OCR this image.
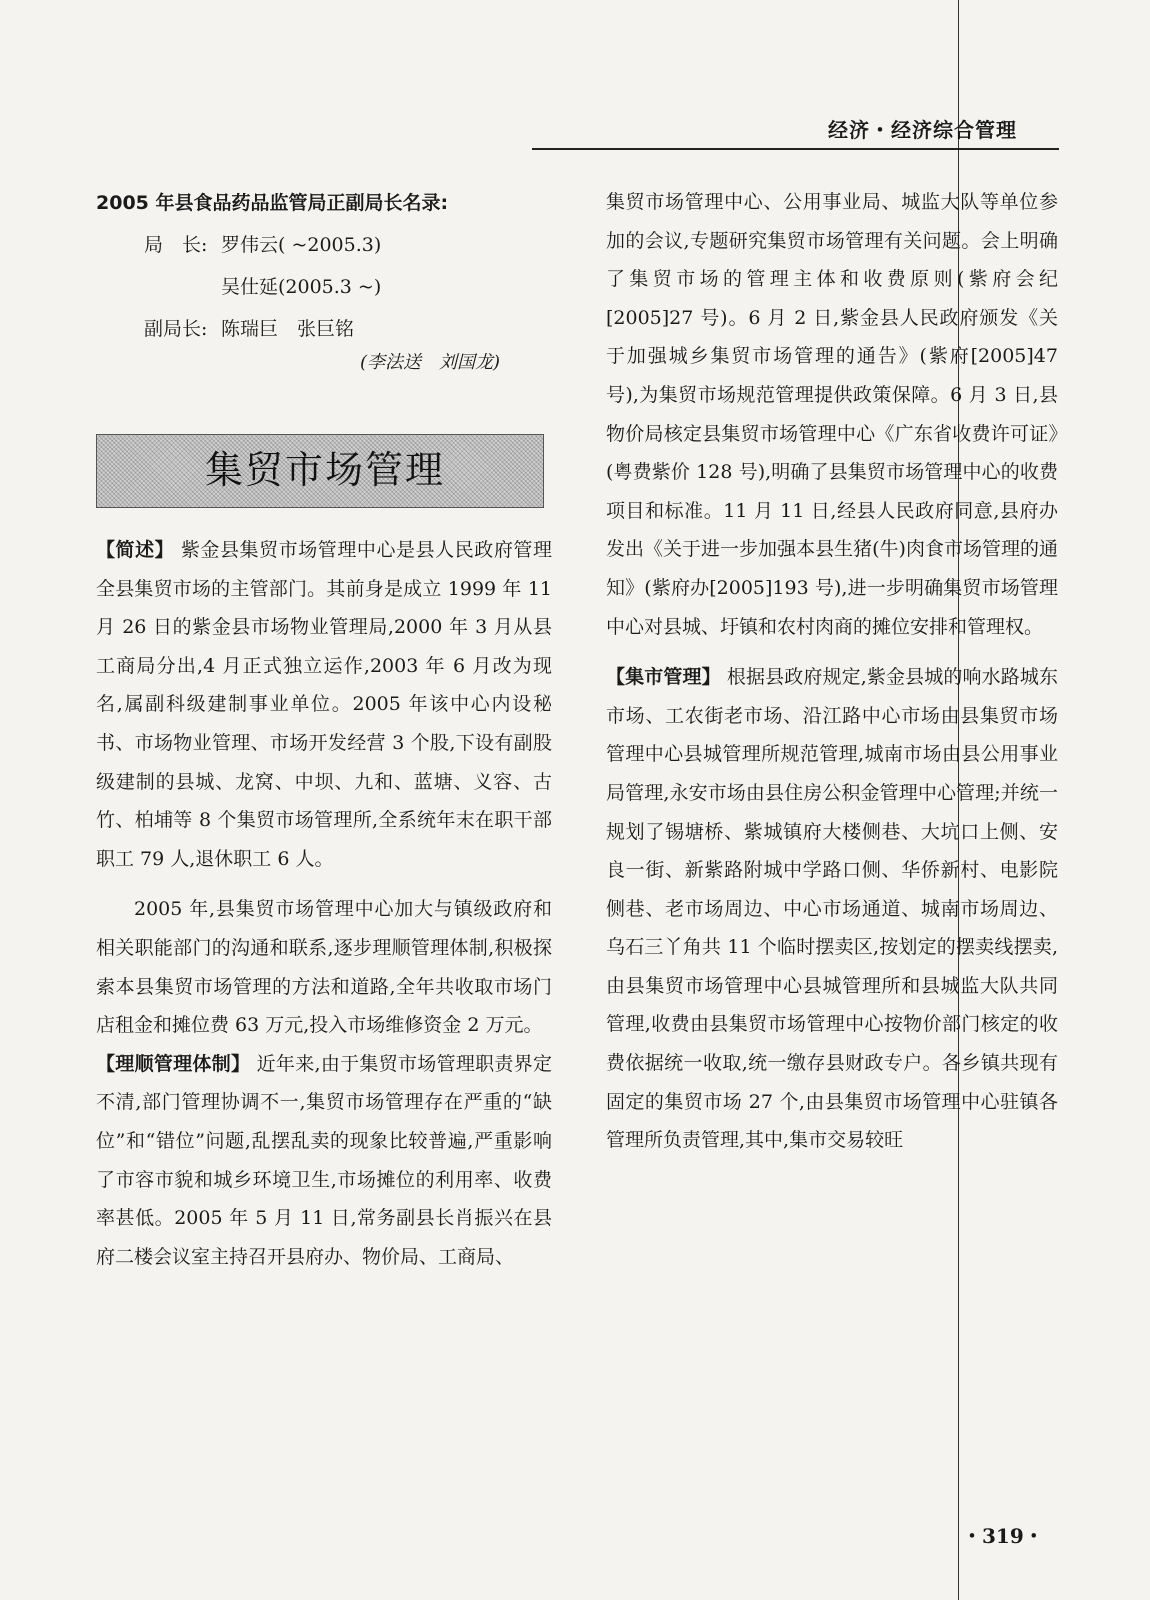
经济・经济综合管理
2005 年县食品药品监管局正副局长名录:
局　长: 罗伟云( ~2005.3)
吴仕延(2005.3 ~)
副局长: 陈瑞巨　张巨铭
(李法送　刘国龙)
集贸市场管理

【简述】 紫金县集贸市场管理中心是县人民政府管理全县集贸市场的主管部门。其前身是成立 1999 年 11 月 26 日的紫金县市场物业管理局,2000 年 3 月从县工商局分出,4 月正式独立运作,2003 年 6 月改为现名,属副科级建制事业单位。2005 年该中心内设秘书、市场物业管理、市场开发经营 3 个股,下设有副股级建制的县城、龙窝、中坝、九和、蓝塘、义容、古竹、柏埔等 8 个集贸市场管理所,全系统年末在职干部职工 79 人,退休职工 6 人。

2005 年,县集贸市场管理中心加大与镇级政府和相关职能部门的沟通和联系,逐步理顺管理体制,积极探索本县集贸市场管理的方法和道路,全年共收取市场门店租金和摊位费 63 万元,投入市场维修资金 2 万元。

【理顺管理体制】 近年来,由于集贸市场管理职责界定不清,部门管理协调不一,集贸市场管理存在严重的“缺位”和“错位”问题,乱摆乱卖的现象比较普遍,严重影响了市容市貌和城乡环境卫生,市场摊位的利用率、收费率甚低。2005 年 5 月 11 日,常务副县长肖振兴在县府二楼会议室主持召开县府办、物价局、工商局、

集贸市场管理中心、公用事业局、城监大队等单位参加的会议,专题研究集贸市场管理有关问题。会上明确了集贸市场的管理主体和收费原则(紫府会纪[2005]27 号)。6 月 2 日,紫金县人民政府颁发《关于加强城乡集贸市场管理的通告》(紫府[2005]47 号),为集贸市场规范管理提供政策保障。6 月 3 日,县物价局核定县集贸市场管理中心《广东省收费许可证》(粤费紫价 128 号),明确了县集贸市场管理中心的收费项目和标准。11 月 11 日,经县人民政府同意,县府办发出《关于进一步加强本县生猪(牛)肉食市场管理的通知》(紫府办[2005]193 号),进一步明确集贸市场管理中心对县城、圩镇和农村肉商的摊位安排和管理权。

【集市管理】 根据县政府规定,紫金县城的响水路城东市场、工农街老市场、沿江路中心市场由县集贸市场管理中心县城管理所规范管理,城南市场由县公用事业局管理,永安市场由县住房公积金管理中心管理;并统一规划了锡塘桥、紫城镇府大楼侧巷、大坑口上侧、安良一街、新紫路附城中学路口侧、华侨新村、电影院侧巷、老市场周边、中心市场通道、城南市场周边、乌石三丫角共 11 个临时摆卖区,按划定的摆卖线摆卖,由县集贸市场管理中心县城管理所和县城监大队共同管理,收费由县集贸市场管理中心按物价部门核定的收费依据统一收取,统一缴存县财政专户。各乡镇共现有固定的集贸市场 27 个,由县集贸市场管理中心驻镇各管理所负责管理,其中,集市交易较旺

・319・
